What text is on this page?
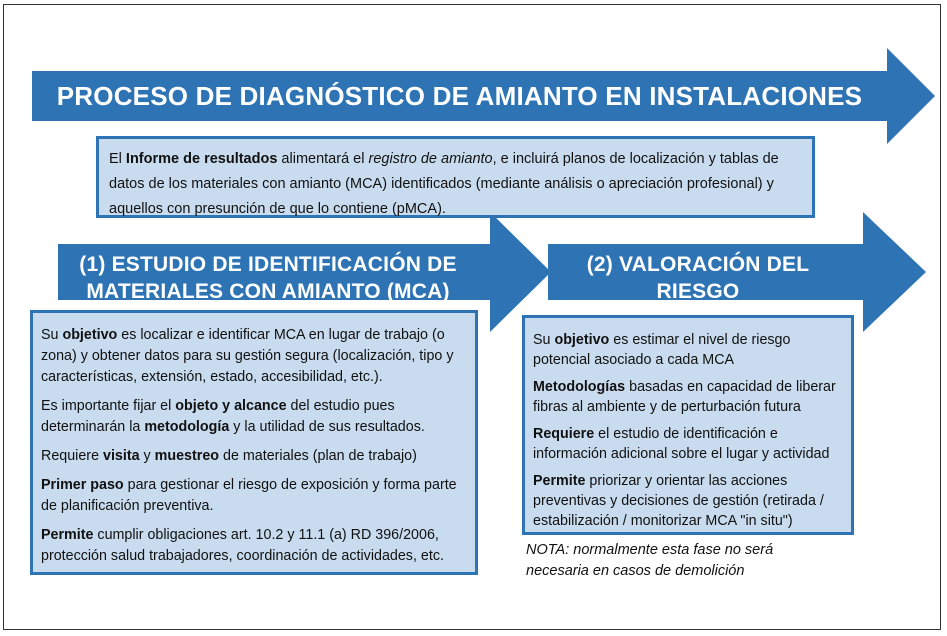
PROCESO DE DIAGNÓSTICO DE AMIANTO EN INSTALACIONES

El Informe de resultados alimentará el registro de amianto, e incluirá planos de localización y tablas de datos de los materiales con amianto (MCA) identificados (mediante análisis o apreciación profesional) y aquellos con presunción de que lo contiene (pMCA).

(1) ESTUDIO DE IDENTIFICACIÓN DE
MATERIALES CON AMIANTO (MCA)
(2) VALORACIÓN DEL RIESGO

Su objetivo es localizar e identificar MCA en lugar de trabajo (o zona) y obtener datos para su gestión segura (localización, tipo y características, extensión, estado, accesibilidad, etc.).

Es importante fijar el objeto y alcance del estudio pues determinarán la metodología y la utilidad de sus resultados.

Requiere visita y muestreo de materiales (plan de trabajo)

Primer paso para gestionar el riesgo de exposición y forma parte de planificación preventiva.

Permite cumplir obligaciones art. 10.2 y 11.1 (a) RD 396/2006, protección salud trabajadores, coordinación de actividades, etc.

Su objetivo es estimar el nivel de riesgo potencial asociado a cada MCA

Metodologías basadas en capacidad de liberar fibras al ambiente y de perturbación futura

Requiere el estudio de identificación e información adicional sobre el lugar y actividad

Permite priorizar y orientar las acciones preventivas y decisiones de gestión (retirada / estabilización / monitorizar MCA "in situ")

NOTA: normalmente esta fase no será
necesaria en casos de demolición
